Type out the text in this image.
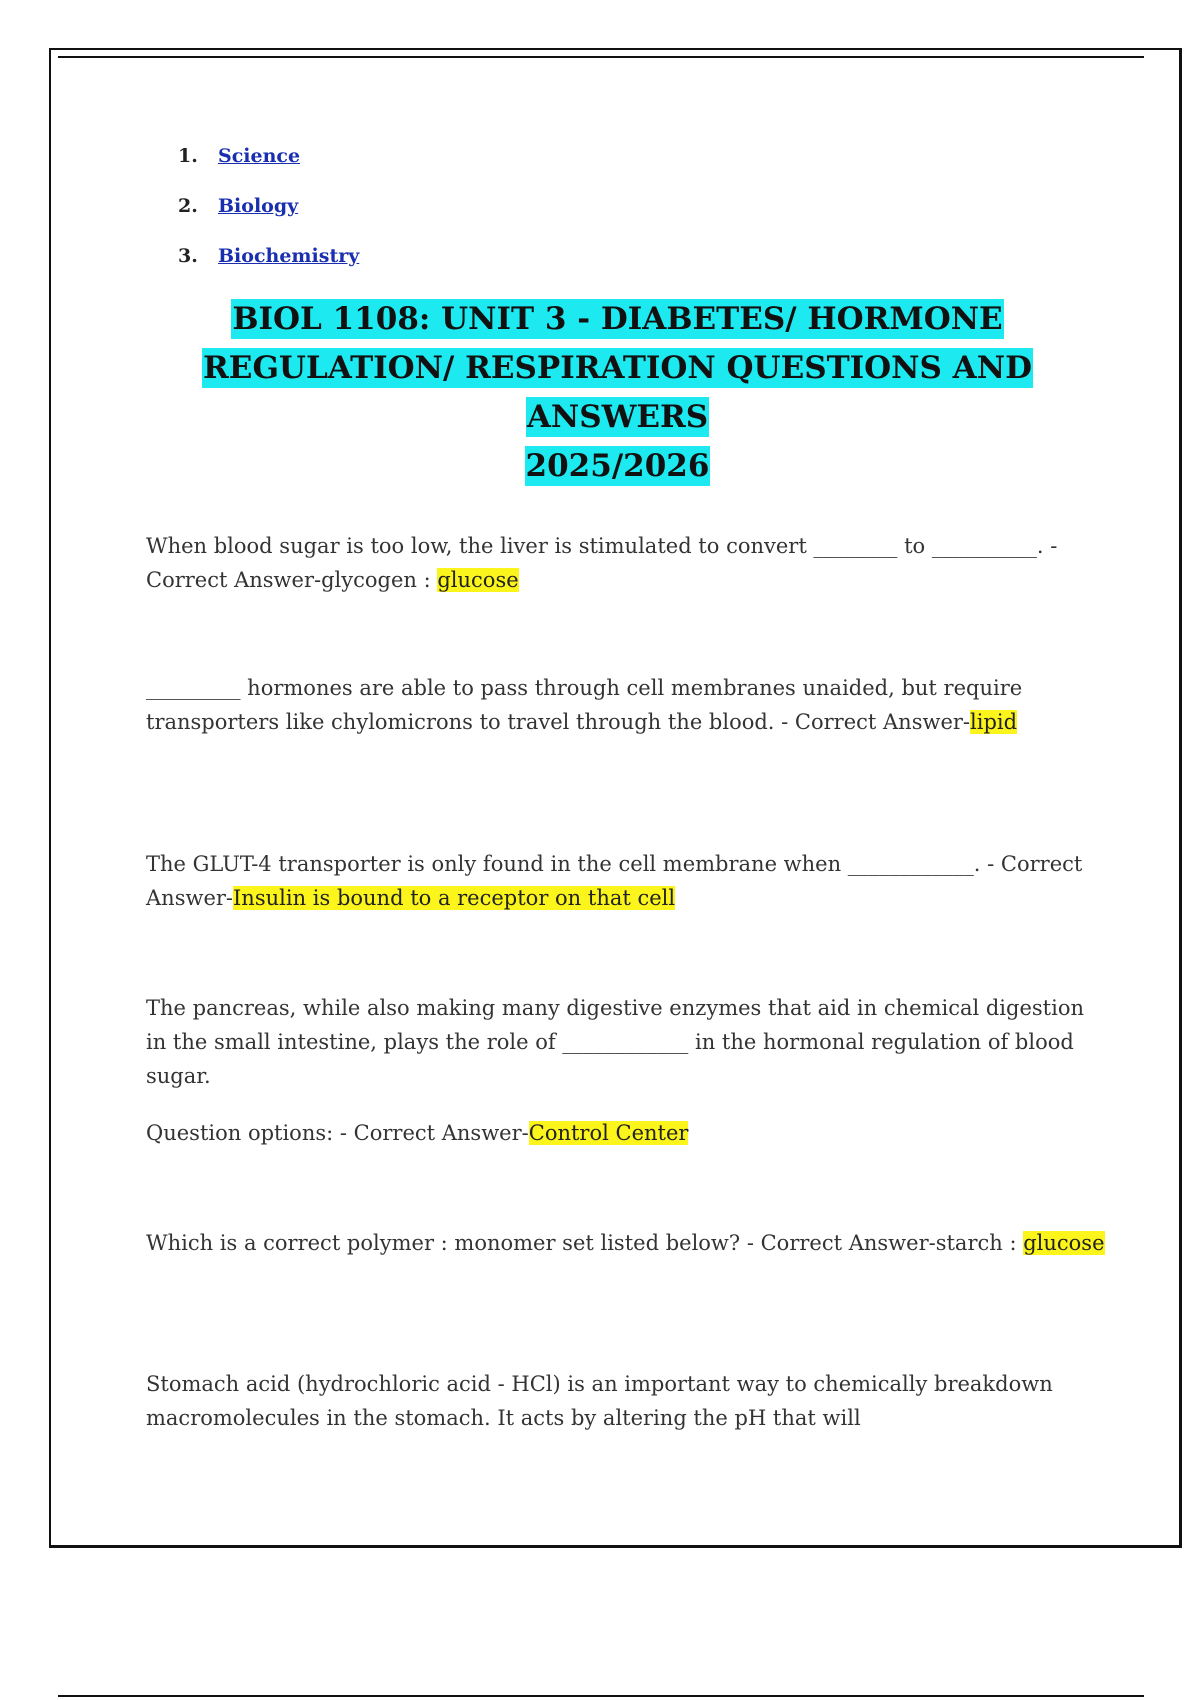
1. Science
2. Biology
3. Biochemistry
BIOL 1108: UNIT 3 - DIABETES/ HORMONE
REGULATION/ RESPIRATION QUESTIONS AND ANSWERS
2025/2026

When blood sugar is too low, the liver is stimulated to convert ________ to __________. - Correct Answer-glycogen : glucose

_________ hormones are able to pass through cell membranes unaided, but require transporters like chylomicrons to travel through the blood. - Correct Answer-lipid

The GLUT-4 transporter is only found in the cell membrane when ____________. - Correct Answer-Insulin is bound to a receptor on that cell

The pancreas, while also making many digestive enzymes that aid in chemical digestion in the small intestine, plays the role of ____________ in the hormonal regulation of blood sugar.

Question options: - Correct Answer-Control Center

Which is a correct polymer : monomer set listed below? - Correct Answer-starch : glucose

Stomach acid (hydrochloric acid - HCl) is an important way to chemically breakdown macromolecules in the stomach. It acts by altering the pH that will
